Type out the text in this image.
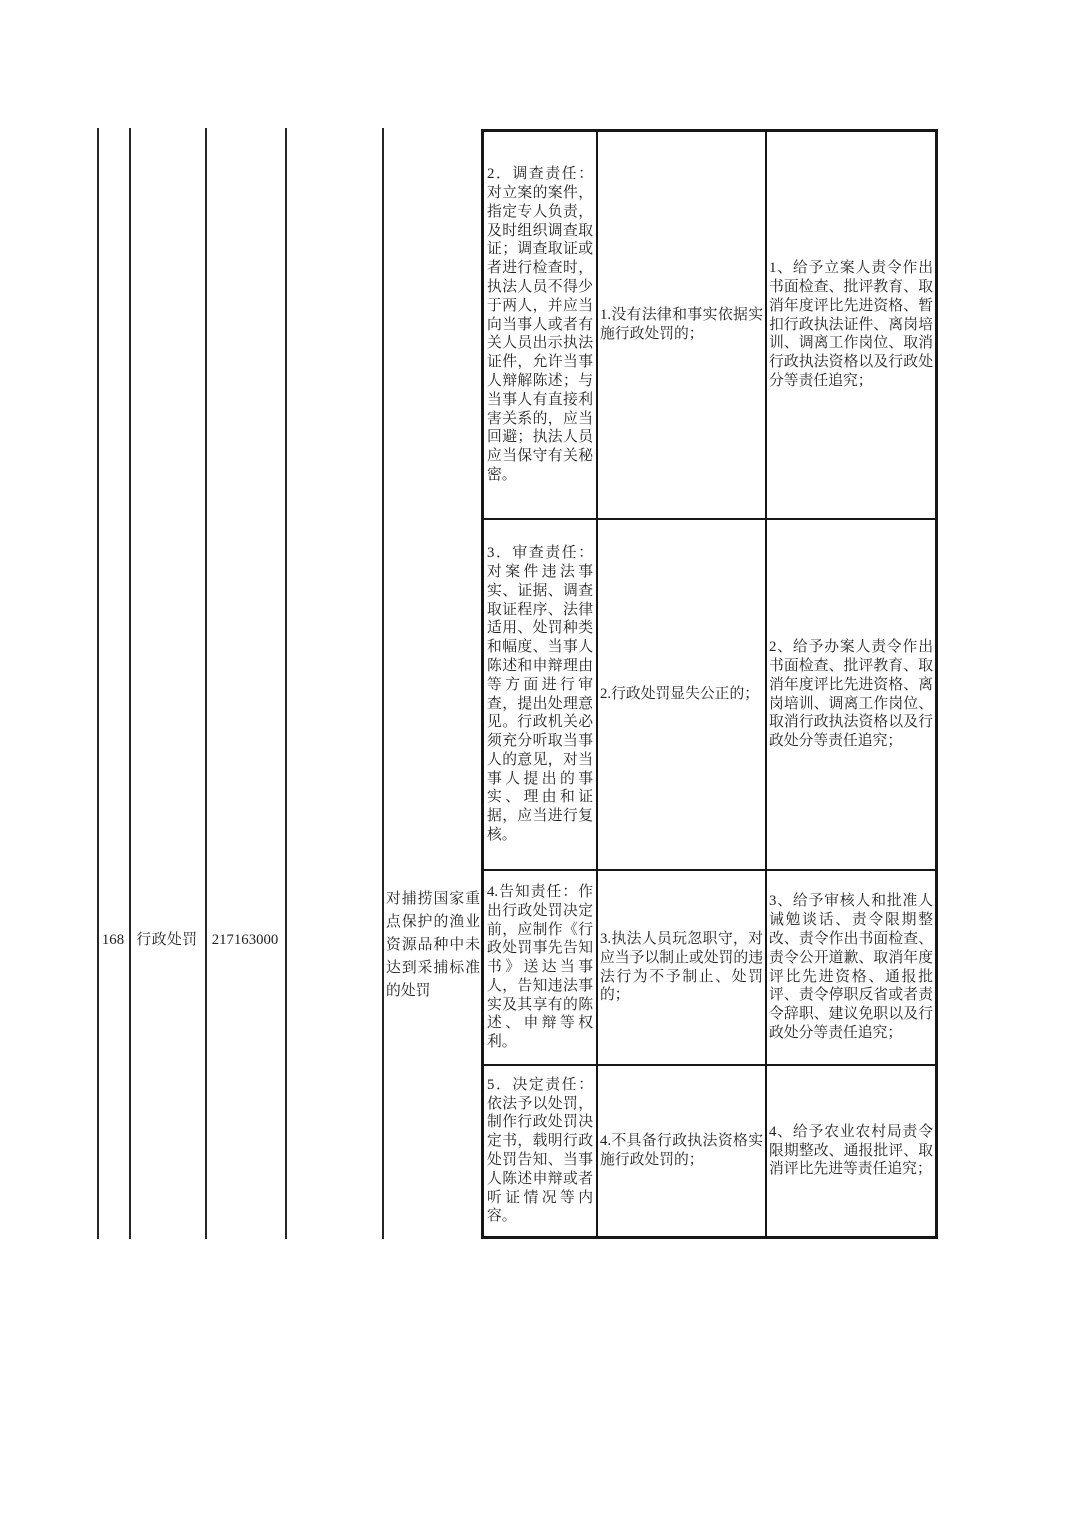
168 行政处罚 217163000
对捕捞国家重点保护的渔业资源品种中未达到采捕标准的处罚
2．调查责任：对立案的案件，指定专人负责，及时组织调查取证；调查取证或者进行检查时，执法人员不得少于两人，并应当向当事人或者有关人员出示执法证件，允许当事人辩解陈述；与当事人有直接利害关系的，应当回避；执法人员应当保守有关秘密。
1.没有法律和事实依据实施行政处罚的；
1、给予立案人责令作出书面检查、批评教育、取消年度评比先进资格、暂扣行政执法证件、离岗培训、调离工作岗位、取消行政执法资格以及行政处分等责任追究；
3．审查责任：对案件违法事实、证据、调查取证程序、法律适用、处罚种类和幅度、当事人陈述和申辩理由等方面进行审查，提出处理意见。行政机关必须充分听取当事人的意见，对当事人提出的事实、理由和证据，应当进行复核。
2.行政处罚显失公正的；
2、给予办案人责令作出书面检查、批评教育、取消年度评比先进资格、离岗培训、调离工作岗位、取消行政执法资格以及行政处分等责任追究；
4.告知责任：作出行政处罚决定前，应制作《行政处罚事先告知书》送达当事人，告知违法事实及其享有的陈述、申辩等权利。
3.执法人员玩忽职守，对应当予以制止或处罚的违法行为不予制止、处罚的；
3、给予审核人和批准人诫勉谈话、责令限期整改、责令作出书面检查、责令公开道歉、取消年度评比先进资格、通报批评、责令停职反省或者责令辞职、建议免职以及行政处分等责任追究；
5．决定责任：依法予以处罚，制作行政处罚决定书，载明行政处罚告知、当事人陈述申辩或者听证情况等内容。
4.不具备行政执法资格实施行政处罚的；
4、给予农业农村局责令限期整改、通报批评、取消评比先进等责任追究；
